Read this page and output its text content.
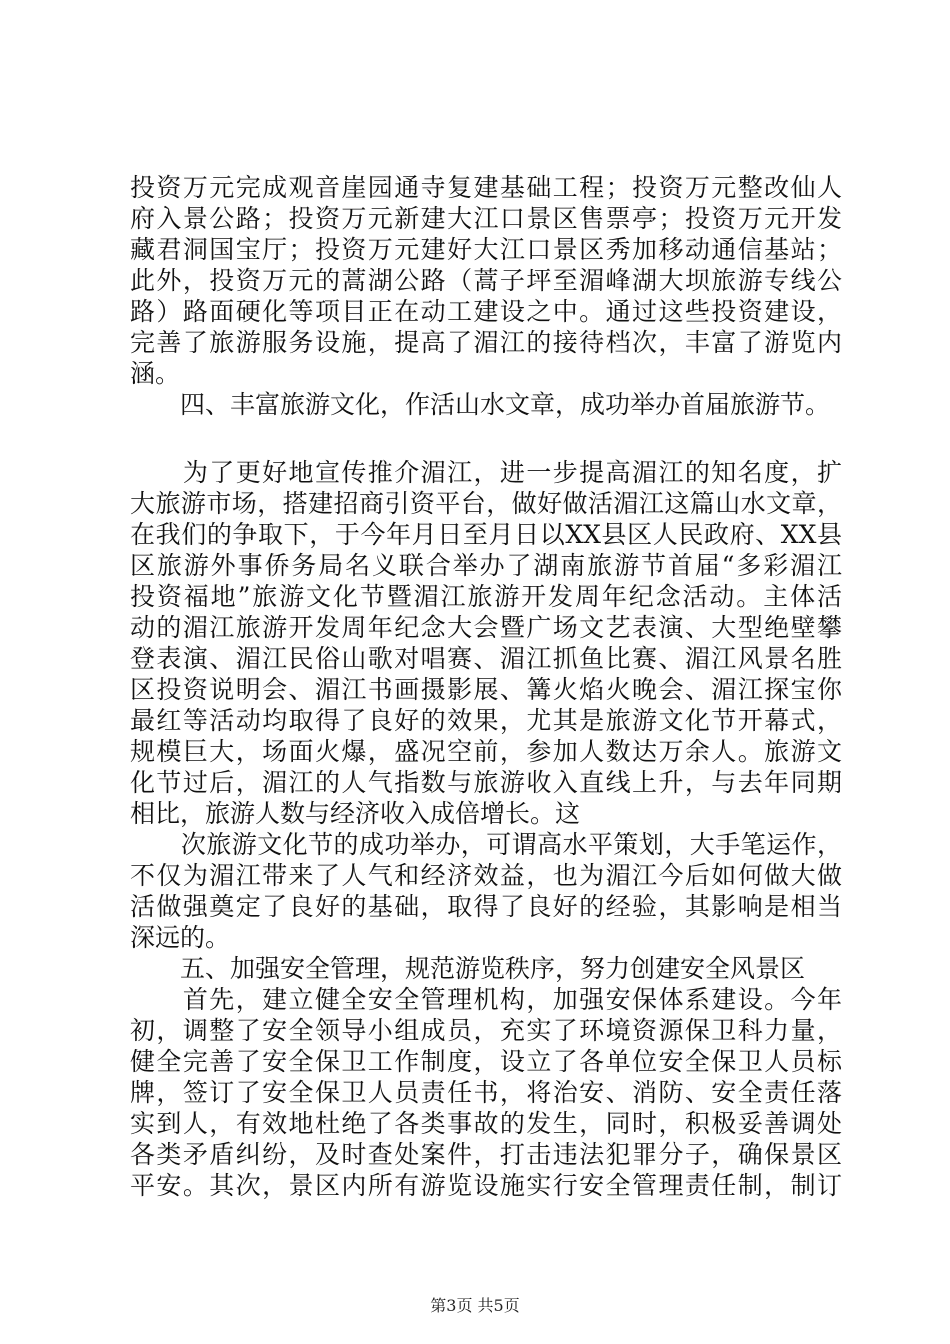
投资万元完成观音崖园通寺复建基础工程；投资万元整改仙人
府入景公路；投资万元新建大江口景区售票亭；投资万元开发
藏君洞国宝厅；投资万元建好大江口景区秀加移动通信基站；
此外，投资万元的蒿湖公路（蒿子坪至湄峰湖大坝旅游专线公
路）路面硬化等项目正在动工建设之中。通过这些投资建设，
完善了旅游服务设施，提高了湄江的接待档次，丰富了游览内
涵。
　　四、丰富旅游文化，作活山水文章，成功举办首届旅游节。
　　为了更好地宣传推介湄江，进一步提高湄江的知名度，扩
大旅游市场，搭建招商引资平台，做好做活湄江这篇山水文章，
在我们的争取下，于今年月日至月日以XX县区人民政府、XX县
区旅游外事侨务局名义联合举办了湖南旅游节首届“多彩湄江
投资福地”旅游文化节暨湄江旅游开发周年纪念活动。主体活
动的湄江旅游开发周年纪念大会暨广场文艺表演、大型绝壁攀
登表演、湄江民俗山歌对唱赛、湄江抓鱼比赛、湄江风景名胜
区投资说明会、湄江书画摄影展、篝火焰火晚会、湄江探宝你
最红等活动均取得了良好的效果，尤其是旅游文化节开幕式，
规模巨大，场面火爆，盛况空前，参加人数达万余人。旅游文
化节过后，湄江的人气指数与旅游收入直线上升，与去年同期
相比，旅游人数与经济收入成倍增长。这
　　次旅游文化节的成功举办，可谓高水平策划，大手笔运作，
不仅为湄江带来了人气和经济效益，也为湄江今后如何做大做
活做强奠定了良好的基础，取得了良好的经验，其影响是相当
深远的。
　　五、加强安全管理，规范游览秩序，努力创建安全风景区
　　首先，建立健全安全管理机构，加强安保体系建设。今年
初，调整了安全领导小组成员，充实了环境资源保卫科力量，
健全完善了安全保卫工作制度，设立了各单位安全保卫人员标
牌，签订了安全保卫人员责任书，将治安、消防、安全责任落
实到人，有效地杜绝了各类事故的发生，同时，积极妥善调处
各类矛盾纠纷，及时查处案件，打击违法犯罪分子，确保景区
平安。其次，景区内所有游览设施实行安全管理责任制，制订
第3页 共5页
